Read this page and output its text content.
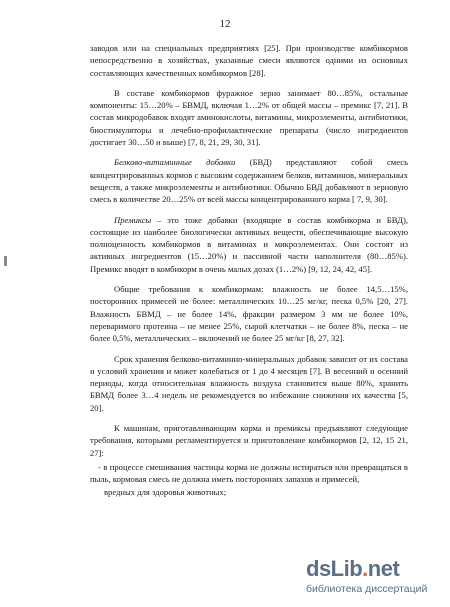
12

заводов или на специальных предприятиях [25]. При производстве комбикормов непосредственно в хозяйствах, указанные смеси являются одними из основных составляющих качественных комбикормов [28].

В составе комбикормов фуражное зерно занимает 80…85%, остальные компоненты: 15…20% – БВМД, включая 1…2% от общей массы – премикс [7, 21]. В состав микродобавок входят аминокислоты, витамины, микроэлементы, антибиотики, биостимуляторы и лечебно-профилактические препараты (число ингредиентов достигает 30…50 и выше) [7, 8, 21, 29, 30, 31].

Белково-витаминные добавки (БВД) представляют собой смесь концентрированных кормов с высоким содержанием белков, витаминов, минеральных веществ, а также микроэлементы и антибиотики. Обычно БВД добавляют в зерновую смесь в количестве 20…25% от всей массы концентрированного корма [ 7, 9, 30].

Премиксы – это тоже добавки (входящие в состав комбикорма и БВД), состоящие из наиболее биологически активных веществ, обеспечивающие высокую полноценность комбикормов в витаминах и микроэлементах. Они состоят из активных ингредиентов (15…20%) и пассивной части наполнителя (80…85%). Премикс вводят в комбикорм в очень малых дозах (1…2%) [9, 12, 24, 42, 45].

Общие требования к комбикормам: влажность не более 14,5…15%, посторонних примесей не более: металлических 10…25 мг/кг, песка 0,5% [20, 27]. Влажность БВМД – не более 14%, фракции размером 3 мм не более 10%, переваримого протеина – не менее 25%, сырой клетчатки – не более 8%, песка – не более 0,5%, металлических – включений не более 25 мг/кг [8, 27, 32].

Срок хранения белково-витаминно-минеральных добавок зависит от их состава и условий хранения и может колебаться от 1 до 4 месяцев [7]. В весенний и осенний периоды, когда относительная влажность воздуха становится выше 80%, хранить БВМД более 3…4 недель не рекомендуется во избежание снижения их качества [5, 20].

К машинам, приготавливающим корма и премиксы предъявляют следующие требования, которыми регламентируется и приготовление комбикормов [2, 12, 15 21, 27]:

- в процессе смешивания частицы корма не должны истираться или превращаться в пыль, кормовая смесь не должна иметь посторонних запахов и примесей,

вредных для здоровья животных;

dsLib.net
библиотека диссертаций
